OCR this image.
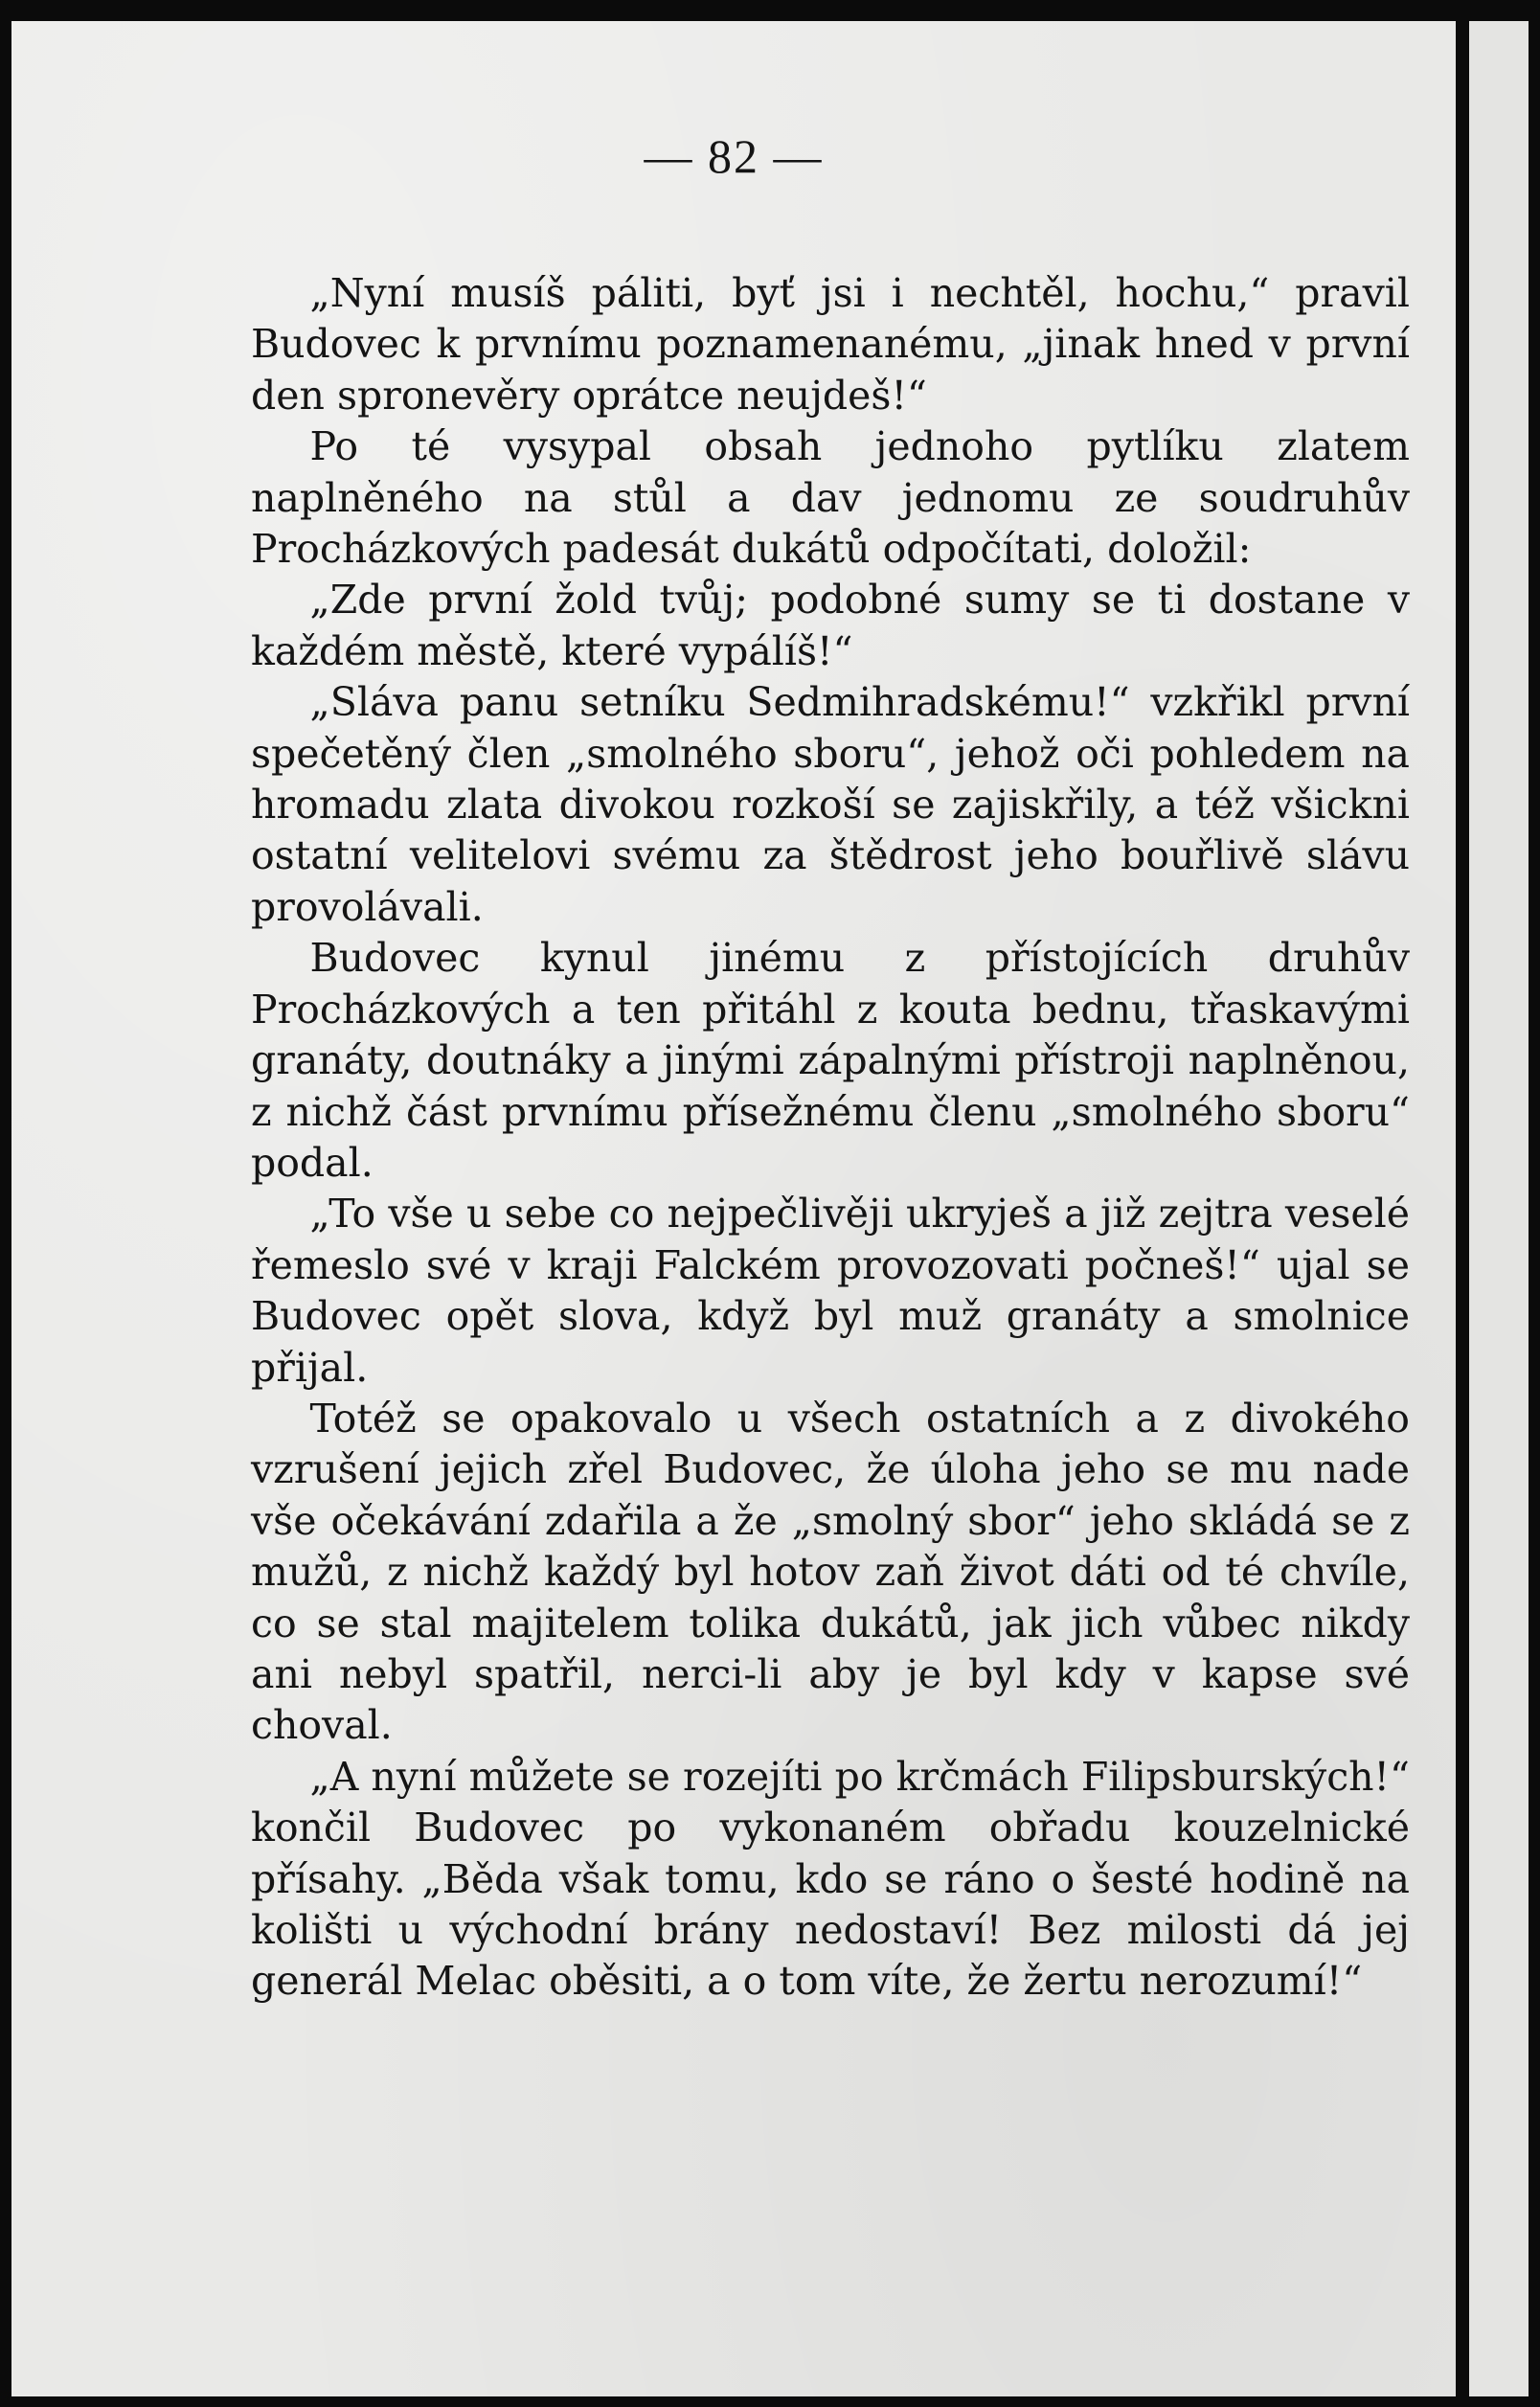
— 82 —

„Nyní musíš páliti, byť jsi i nechtěl, hochu,“ pravil Budovec k prvnímu poznamenanému, „jinak hned v první den spronevěry oprátce neujdeš!“

Po té vysypal obsah jednoho pytlíku zlatem naplněného na stůl a dav jednomu ze soudruhův Procházkových padesát dukátů odpočítati, doložil:

„Zde první žold tvůj; podobné sumy se ti dostane v každém městě, které vypálíš!“

„Sláva panu setníku Sedmihradskému!“ vzkřikl první spečetěný člen „smolného sboru“, jehož oči pohledem na hromadu zlata divokou rozkoší se zajiskřily, a též všickni ostatní velitelovi svému za štědrost jeho bouřlivě slávu provolávali.

Budovec kynul jinému z přístojících druhův Procházkových a ten přitáhl z kouta bednu, třaskavými granáty, doutnáky a jinými zápalnými přístroji naplněnou, z nichž část prvnímu přísežnému členu „smolného sboru“ podal.

„To vše u sebe co nejpečlivěji ukryješ a již zejtra veselé řemeslo své v kraji Falckém provozovati počneš!“ ujal se Budovec opět slova, když byl muž granáty a smolnice přijal.

Totéž se opakovalo u všech ostatních a z divokého vzrušení jejich zřel Budovec, že úloha jeho se mu nade vše očekávání zdařila a že „smolný sbor“ jeho skládá se z mužů, z nichž každý byl hotov zaň život dáti od té chvíle, co se stal majitelem tolika dukátů, jak jich vůbec nikdy ani nebyl spatřil, nerci-li aby je byl kdy v kapse své choval.

„A nyní můžete se rozejíti po krčmách Filipsburských!“ končil Budovec po vykonaném obřadu kouzelnické přísahy. „Běda však tomu, kdo se ráno o šesté hodině na kolišti u východní brány nedostaví! Bez milosti dá jej generál Melac oběsiti, a o tom víte, že žertu nerozumí!“
